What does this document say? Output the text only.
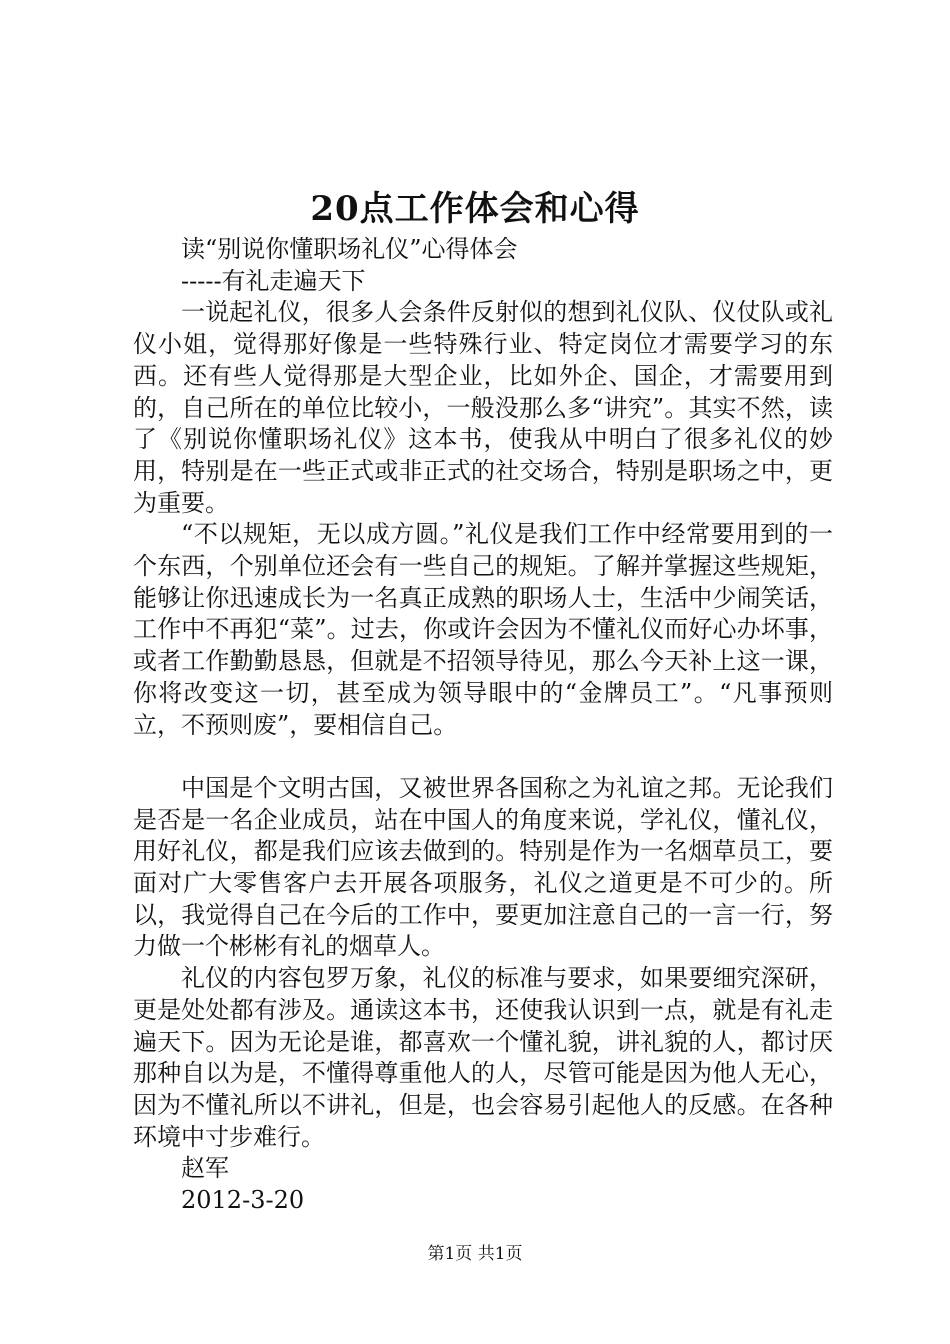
20点工作体会和心得

读“别说你懂职场礼仪”心得体会

-----有礼走遍天下

一说起礼仪，很多人会条件反射似的想到礼仪队、仪仗队或礼仪小姐，觉得那好像是一些特殊行业、特定岗位才需要学习的东西。还有些人觉得那是大型企业，比如外企、国企，才需要用到的，自己所在的单位比较小，一般没那么多“讲究”。其实不然，读了《别说你懂职场礼仪》这本书，使我从中明白了很多礼仪的妙用，特别是在一些正式或非正式的社交场合，特别是职场之中，更为重要。

“不以规矩，无以成方圆。”礼仪是我们工作中经常要用到的一个东西，个别单位还会有一些自己的规矩。了解并掌握这些规矩，能够让你迅速成长为一名真正成熟的职场人士，生活中少闹笑话，工作中不再犯“菜”。过去，你或许会因为不懂礼仪而好心办坏事，或者工作勤勤恳恳，但就是不招领导待见，那么今天补上这一课，你将改变这一切，甚至成为领导眼中的“金牌员工”。“凡事预则立，不预则废”，要相信自己。

中国是个文明古国，又被世界各国称之为礼谊之邦。无论我们是否是一名企业成员，站在中国人的角度来说，学礼仪，懂礼仪，用好礼仪，都是我们应该去做到的。特别是作为一名烟草员工，要面对广大零售客户去开展各项服务，礼仪之道更是不可少的。所以，我觉得自己在今后的工作中，要更加注意自己的一言一行，努力做一个彬彬有礼的烟草人。

礼仪的内容包罗万象，礼仪的标准与要求，如果要细究深研，更是处处都有涉及。通读这本书，还使我认识到一点，就是有礼走遍天下。因为无论是谁，都喜欢一个懂礼貌，讲礼貌的人，都讨厌那种自以为是，不懂得尊重他人的人，尽管可能是因为他人无心，因为不懂礼所以不讲礼，但是，也会容易引起他人的反感。在各种环境中寸步难行。

赵军

2012-3-20

第1页 共1页
